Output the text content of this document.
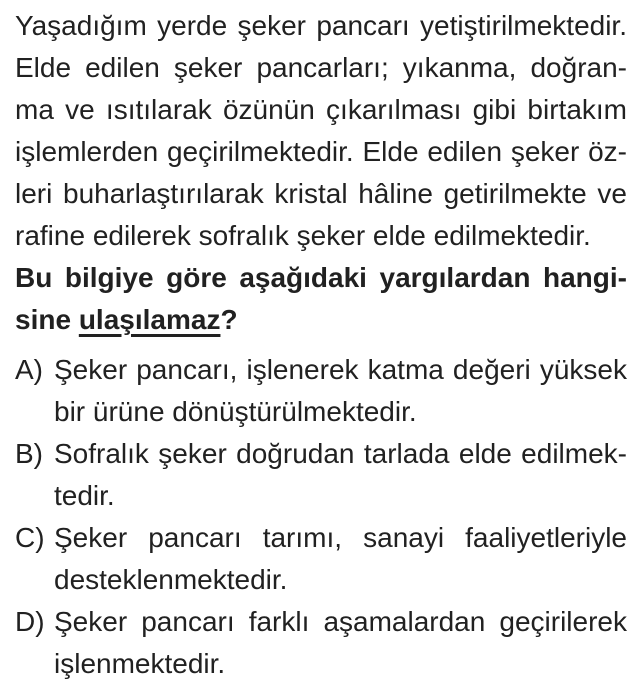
Yaşadığım yerde şeker pancarı yetiştirilmektedir.
Elde edilen şeker pancarları; yıkanma, doğran-
ma ve ısıtılarak özünün çıkarılması gibi birtakım
işlemlerden geçirilmektedir. Elde edilen şeker öz-
leri buharlaştırılarak kristal hâline getirilmekte ve
rafine edilerek sofralık şeker elde edilmektedir.
Bu bilgiye göre aşağıdaki yargılardan hangi-
sine ulaşılamaz?
A) Şeker pancarı, işlenerek katma değeri yüksek
bir ürüne dönüştürülmektedir.
B) Sofralık şeker doğrudan tarlada elde edilmek-
tedir.
C) Şeker pancarı tarımı, sanayi faaliyetleriyle
desteklenmektedir.
D) Şeker pancarı farklı aşamalardan geçirilerek
işlenmektedir.
